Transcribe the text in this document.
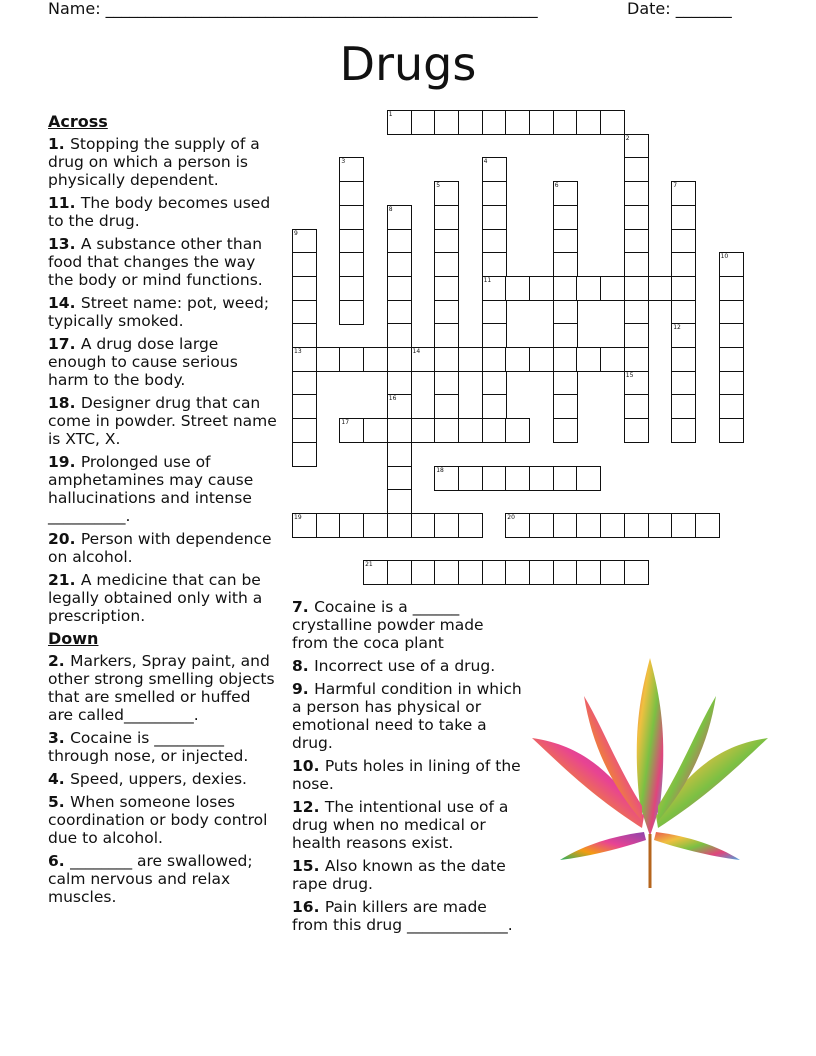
Name: ______________________________________________________	Date: _______
Drugs
Across
1. Stopping the supply of a drug on which a person is physically dependent.
11. The body becomes used to the drug.
13. A substance other than food that changes the way the body or mind functions.
14. Street name: pot, weed; typically smoked.
17. A drug dose large enough to cause serious harm to the body.
18. Designer drug that can come in powder. Street name is XTC, X.
19. Prolonged use of amphetamines may cause hallucinations and intense __________.
20. Person with dependence on alcohol.
21. A medicine that can be legally obtained only with a prescription.
Down
2. Markers, Spray paint, and other strong smelling objects that are smelled or huffed are called_________.
3. Cocaine is _________ through nose, or injected.
4. Speed, uppers, dexies.
5. When someone loses coordination or body control due to alcohol.
6. ________ are swallowed; calm nervous and relax muscles.
7. Cocaine is a ______ crystalline powder made from the coca plant
8. Incorrect use of a drug.
9. Harmful condition in which a person has physical or emotional need to take a drug.
10. Puts holes in lining of the nose.
12. The intentional use of a drug when no medical or health reasons exist.
15. Also known as the date rape drug.
16. Pain killers are made from this drug _____________.
1
11
13	14
17
18
19	20
21
2
3	4
5	6	7
8
16
9
10
12
15
